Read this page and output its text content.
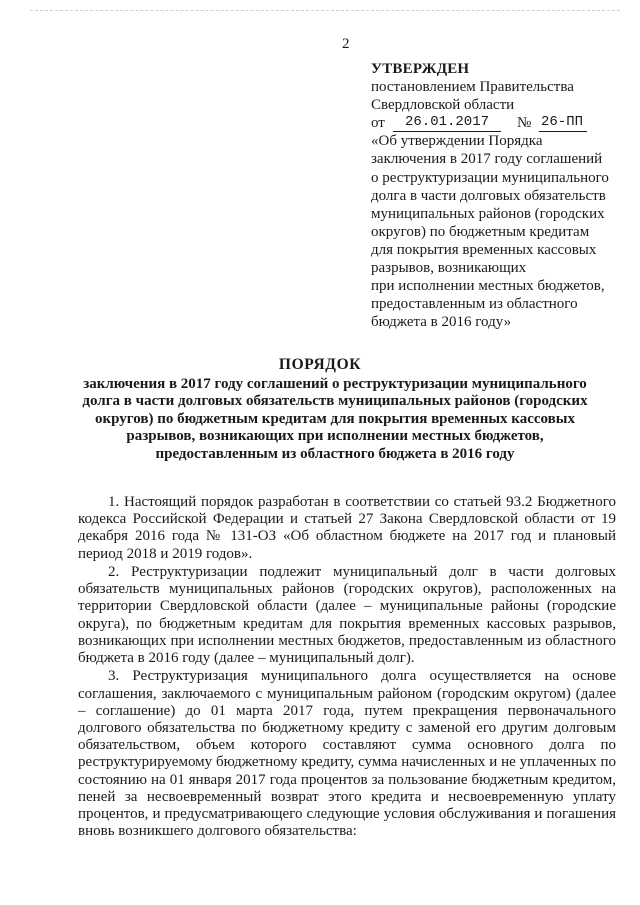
2
УТВЕРЖДЕН
постановлением Правительства
Свердловской области
от	26.01.2017	№ 26-ПП
«Об утверждении Порядка
заключения в 2017 году соглашений
о реструктуризации муниципального
долга в части долговых обязательств
муниципальных районов (городских
округов) по бюджетным кредитам
для покрытия временных кассовых
разрывов, возникающих
при исполнении местных бюджетов,
предоставленным из областного
бюджета в 2016 году»
ПОРЯДОК
заключения в 2017 году соглашений о реструктуризации муниципального
долга в части долговых обязательств муниципальных районов (городских
округов) по бюджетным кредитам для покрытия временных кассовых
разрывов, возникающих при исполнении местных бюджетов,
предоставленным из областного бюджета в 2016 году

1. Настоящий порядок разработан в соответствии со статьей 93.2 Бюджетного кодекса Российской Федерации и статьей 27 Закона Свердловской области от 19 декабря 2016 года № 131-ОЗ «Об областном бюджете на 2017 год и плановый период 2018 и 2019 годов».

2. Реструктуризации подлежит муниципальный долг в части долговых обязательств муниципальных районов (городских округов), расположенных на территории Свердловской области (далее – муниципальные районы (городские округа), по бюджетным кредитам для покрытия временных кассовых разрывов, возникающих при исполнении местных бюджетов, предоставленным из областного бюджета в 2016 году (далее – муниципальный долг).

3. Реструктуризация муниципального долга осуществляется на основе соглашения, заключаемого с муниципальным районом (городским округом) (далее – соглашение) до 01 марта 2017 года, путем прекращения первоначального долгового обязательства по бюджетному кредиту с заменой его другим долговым обязательством, объем которого составляют сумма основного долга по реструктурируемому бюджетному кредиту, сумма начисленных и не уплаченных по состоянию на 01 января 2017 года процентов за пользование бюджетным кредитом, пеней за несвоевременный возврат этого кредита и несвоевременную уплату процентов, и предусматривающего следующие условия обслуживания и погашения вновь возникшего долгового обязательства:
